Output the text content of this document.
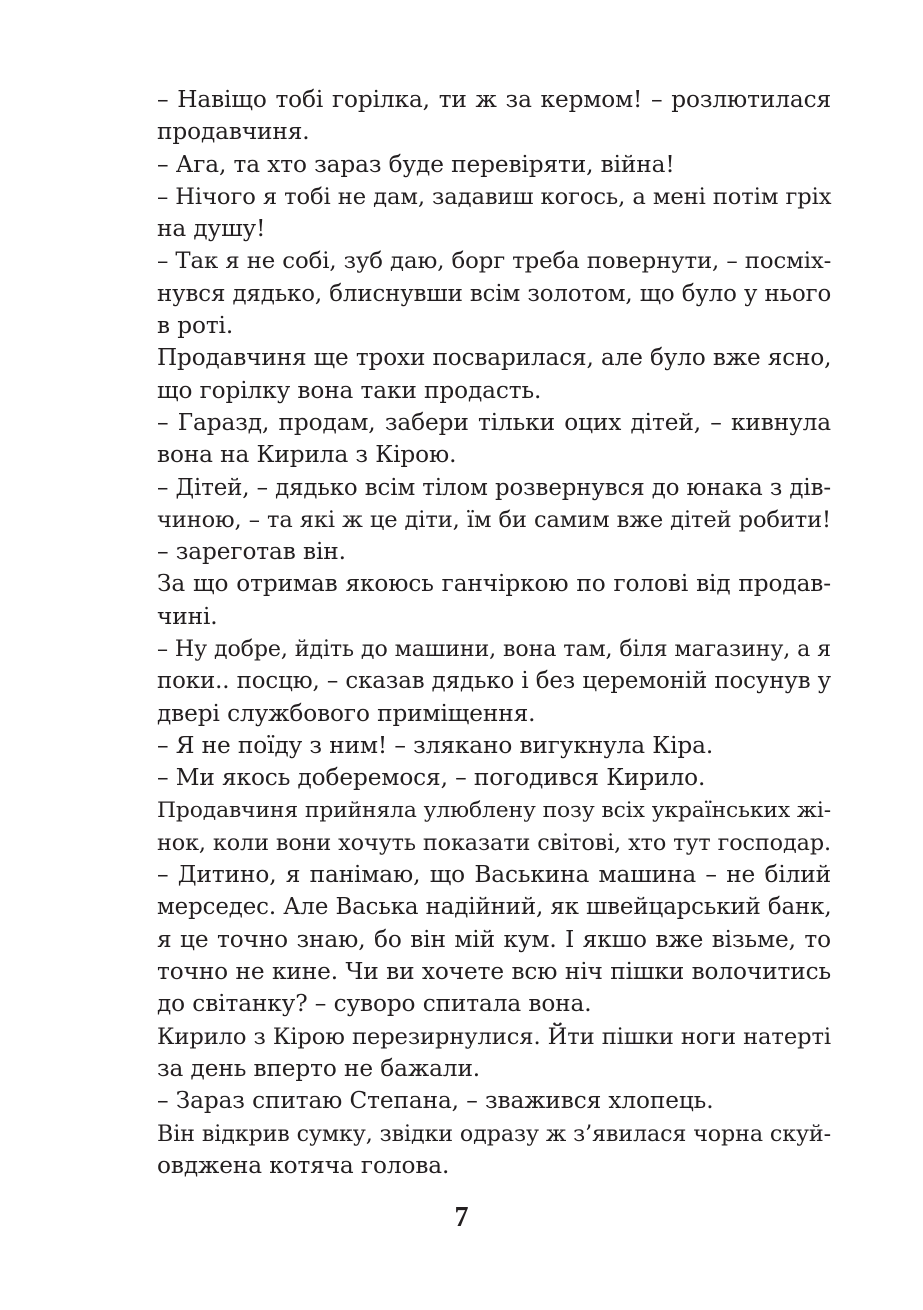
– Навіщо тобі горілка, ти ж за кермом! – розлютилася
продавчиня.
– Ага, та хто зараз буде перевіряти, війна!
– Нічого я тобі не дам, задавиш когось, а мені потім гріх
на душу!
– Так я не собі, зуб даю, борг треба повернути, – посміх-
нувся дядько, блиснувши всім золотом, що було у нього
в роті.
Продавчиня ще трохи посварилася, але було вже ясно,
що горілку вона таки продасть.
– Гаразд, продам, забери тільки оцих дітей, – кивнула
вона на Кирила з Кірою.
– Дітей, – дядько всім тілом розвернувся до юнака з дів-
чиною, – та які ж це діти, їм би самим вже дітей робити!
– зареготав він.
За що отримав якоюсь ганчіркою по голові від продав-
чині.
– Ну добре, йдіть до машини, вона там, біля магазину, а я
поки.. посцю, – сказав дядько і без церемоній посунув у
двері службового приміщення.
– Я не поїду з ним! – злякано вигукнула Кіра.
– Ми якось доберемося, – погодився Кирило.
Продавчиня прийняла улюблену позу всіх українських жі-
нок, коли вони хочуть показати світові, хто тут господар.
– Дитино, я панімаю, що Васькина машина – не білий
мерседес. Але Васька надійний, як швейцарський банк,
я це точно знаю, бо він мій кум. І якшо вже візьме, то
точно не кине. Чи ви хочете всю ніч пішки волочитись
до світанку? – суворо спитала вона.
Кирило з Кірою перезирнулися. Йти пішки ноги натерті
за день вперто не бажали.
– Зараз спитаю Степана, – зважився хлопець.
Він відкрив сумку, звідки одразу ж з’явилася чорна скуй-
овджена котяча голова.
7
